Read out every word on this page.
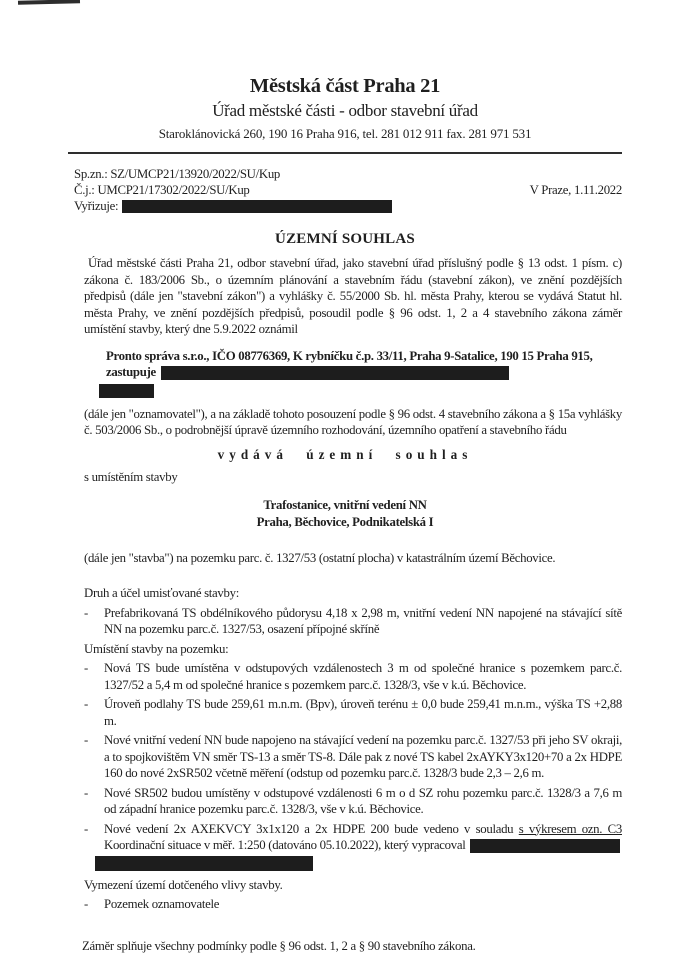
Městská část Praha 21
Úřad městské části - odbor stavební úřad
Staroklánovická 260, 190 16 Praha 916, tel. 281 012 911 fax. 281 971 531
Sp.zn.: SZ/UMCP21/13920/2022/SU/Kup
Č.j.: UMCP21/17302/2022/SU/Kup	V Praze, 1.11.2022
Vyřizuje:
ÚZEMNÍ SOUHLAS

Úřad městské části Praha 21, odbor stavební úřad, jako stavební úřad příslušný podle § 13 odst. 1 písm. c) zákona č. 183/2006 Sb., o územním plánování a stavebním řádu (stavební zákon), ve znění pozdějších předpisů (dále jen "stavební zákon") a vyhlášky č. 55/2000 Sb. hl. města Prahy, kterou se vydává Statut hl. města Prahy, ve znění pozdějších předpisů, posoudil podle § 96 odst. 1, 2 a 4 stavebního zákona záměr umístění stavby, který dne 5.9.2022 oznámil

Pronto správa s.r.o., IČO 08776369, K rybníčku č.p. 33/11, Praha 9-Satalice, 190 15 Praha 915,
zastupuje

(dále jen "oznamovatel"), a na základě tohoto posouzení podle § 96 odst. 4 stavebního zákona a § 15a vyhlášky č. 503/2006 Sb., o podrobnější úpravě územního rozhodování, územního opatření a stavebního řádu

vydává územní souhlas
s umístěním stavby
Trafostanice, vnitřní vedení NN
Praha, Běchovice, Podnikatelská I

(dále jen "stavba") na pozemku parc. č. 1327/53 (ostatní plocha) v katastrálním území Běchovice.

Druh a účel umisťované stavby:
- Prefabrikovaná TS obdélníkového půdorysu 4,18 x 2,98 m, vnitřní vedení NN napojené na stávající sítě NN na pozemku parc.č. 1327/53, osazení přípojné skříně
Umístění stavby na pozemku:
- Nová TS bude umístěna v odstupových vzdálenostech 3 m od společné hranice s pozemkem parc.č. 1327/52 a 5,4 m od společné hranice s pozemkem parc.č. 1328/3, vše v k.ú. Běchovice.
- Úroveň podlahy TS bude 259,61 m.n.m. (Bpv), úroveň terénu ± 0,0 bude 259,41 m.n.m., výška TS +2,88 m.
- Nové vnitřní vedení NN bude napojeno na stávající vedení na pozemku parc.č. 1327/53 při jeho SV okraji, a to spojkovištěm VN směr TS-13 a směr TS-8. Dále pak z nové TS kabel 2xAYKY3x120+70 a 2x HDPE 160 do nové 2xSR502 včetně měření (odstup od pozemku parc.č. 1328/3 bude 2,3 – 2,6 m.
- Nové SR502 budou umístěny v odstupové vzdálenosti 6 m o d SZ rohu pozemku parc.č. 1328/3 a 7,6 m od západní hranice pozemku parc.č. 1328/3, vše v k.ú. Běchovice.
- Nové vedení 2x AXEKVCY 3x1x120 a 2x HDPE 200 bude vedeno v souladu s výkresem ozn. C3 Koordinační situace v měř. 1:250 (datováno 05.10.2022), který vypracoval
Vymezení území dotčeného vlivy stavby.
- Pozemek oznamovatele

Záměr splňuje všechny podmínky podle § 96 odst. 1, 2 a § 90 stavebního zákona.
